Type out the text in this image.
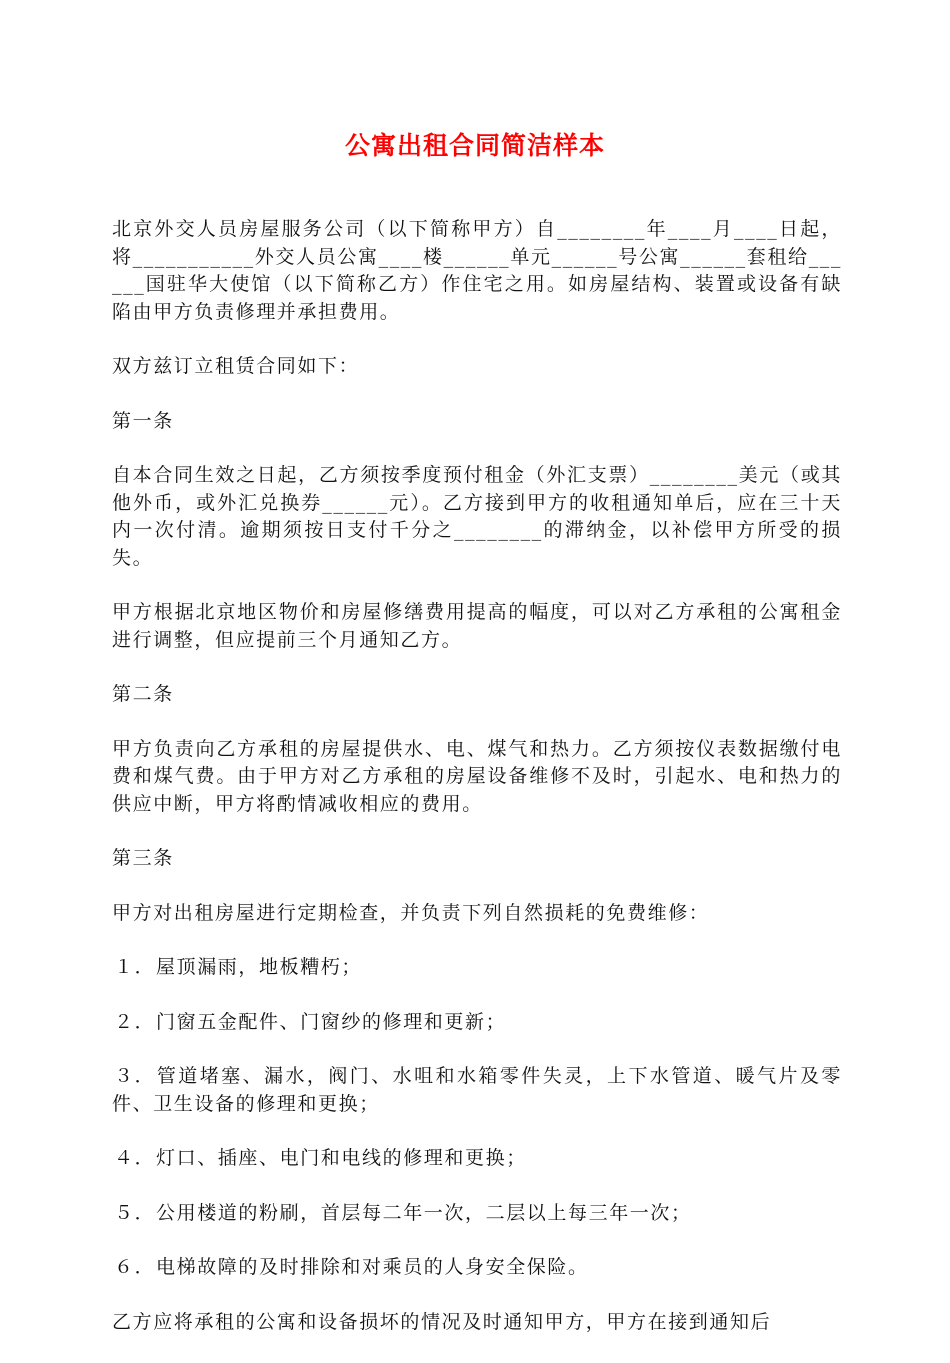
公寓出租合同简洁样本

北京外交人员房屋服务公司（以下简称甲方）自________年____月____日起，将___________外交人员公寓____楼______单元______号公寓______套租给______国驻华大使馆（以下简称乙方）作住宅之用。如房屋结构、装置或设备有缺陷由甲方负责修理并承担费用。

双方兹订立租赁合同如下：

第一条

自本合同生效之日起，乙方须按季度预付租金（外汇支票）________美元（或其他外币，或外汇兑换券______元）。乙方接到甲方的收租通知单后，应在三十天内一次付清。逾期须按日支付千分之________的滞纳金，以补偿甲方所受的损失。

甲方根据北京地区物价和房屋修缮费用提高的幅度，可以对乙方承租的公寓租金进行调整，但应提前三个月通知乙方。

第二条

甲方负责向乙方承租的房屋提供水、电、煤气和热力。乙方须按仪表数据缴付电费和煤气费。由于甲方对乙方承租的房屋设备维修不及时，引起水、电和热力的供应中断，甲方将酌情减收相应的费用。

第三条

甲方对出租房屋进行定期检查，并负责下列自然损耗的免费维修：

１．屋顶漏雨，地板糟朽；

２．门窗五金配件、门窗纱的修理和更新；

３．管道堵塞、漏水，阀门、水咀和水箱零件失灵，上下水管道、暖气片及零件、卫生设备的修理和更换；

４．灯口、插座、电门和电线的修理和更换；

５．公用楼道的粉刷，首层每二年一次，二层以上每三年一次；

６．电梯故障的及时排除和对乘员的人身安全保险。

乙方应将承租的公寓和设备损坏的情况及时通知甲方，甲方在接到通知后
